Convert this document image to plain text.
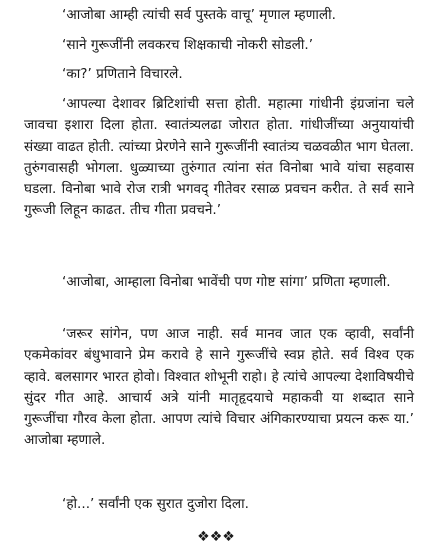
‘आजोबा आम्ही त्यांची सर्व पुस्तके वाचू’ मृणाल म्हणाली.

‘साने गुरूजींनी लवकरच शिक्षकाची नोकरी सोडली.’

‘का?’ प्रणिताने विचारले.

‘आपल्या देशावर ब्रिटिशांची सत्ता होती. महात्मा गांधीनी इंग्रजांना चले जावचा इशारा दिला होता. स्वातंत्र्यलढा जोरात होता. गांधीजींच्या अनुयायांची संख्या वाढत होती. त्यांच्या प्रेरणेने साने गुरूजींनी स्वातंत्र्य चळवळीत भाग घेतला. तुरुंगवासही भोगला. धुळ्याच्या तुरुंगात त्यांना संत विनोबा भावे यांचा सहवास घडला. विनोबा भावे रोज रात्री भगवद् गीतेवर रसाळ प्रवचन करीत. ते सर्व साने गुरूजी लिहून काढत. तीच गीता प्रवचने.’

‘आजोबा, आम्हाला विनोबा भावेंची पण गोष्ट सांगा’ प्रणिता म्हणाली.

‘जरूर सांगेन, पण आज नाही. सर्व मानव जात एक व्हावी, सर्वांनी एकमेकांवर बंधुभावाने प्रेम करावे हे साने गुरूजींचे स्वप्न होते. सर्व विश्व एक व्हावे. बलसागर भारत होवो। विश्वात शोभूनी राहो। हे त्यांचे आपल्या देशाविषयीचे सुंदर गीत आहे. आचार्य अत्रे यांनी मातृहृदयाचे महाकवी या शब्दात साने गुरूजींचा गौरव केला होता. आपण त्यांचे विचार अंगिकारण्याचा प्रयत्न करू या.’ आजोबा म्हणाले.

‘हो...’ सर्वांनी एक सुरात दुजोरा दिला.

❖❖❖
